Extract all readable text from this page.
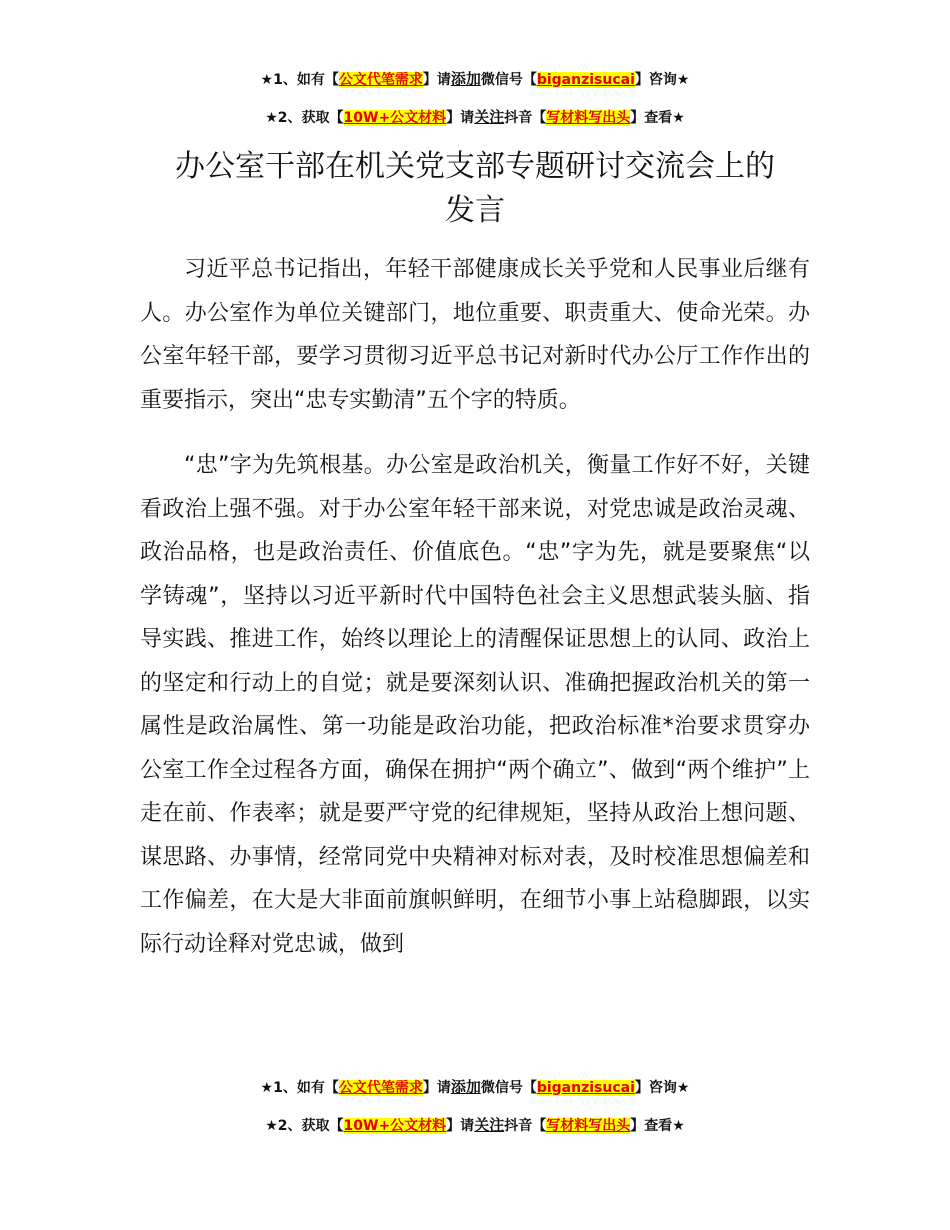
★1、如有【公文代笔需求】请添加微信号【biganzisucai】咨询★
★2、获取【10W+公文材料】请关注抖音【写材料写出头】查看★
办公室干部在机关党支部专题研讨交流会上的
发言

习近平总书记指出，年轻干部健康成长关乎党和人民事业后继有人。办公室作为单位关键部门，地位重要、职责重大、使命光荣。办公室年轻干部，要学习贯彻习近平总书记对新时代办公厅工作作出的重要指示，突出“忠专实勤清”五个字的特质。

“忠”字为先筑根基。办公室是政治机关，衡量工作好不好，关键看政治上强不强。对于办公室年轻干部来说，对党忠诚是政治灵魂、政治品格，也是政治责任、价值底色。“忠”字为先，就是要聚焦“以学铸魂”，坚持以习近平新时代中国特色社会主义思想武装头脑、指导实践、推进工作，始终以理论上的清醒保证思想上的认同、政治上的坚定和行动上的自觉；就是要深刻认识、准确把握政治机关的第一属性是政治属性、第一功能是政治功能，把政治标准*治要求贯穿办公室工作全过程各方面，确保在拥护“两个确立”、做到“两个维护”上走在前、作表率；就是要严守党的纪律规矩，坚持从政治上想问题、谋思路、办事情，经常同党中央精神对标对表，及时校准思想偏差和工作偏差，在大是大非面前旗帜鲜明，在细节小事上站稳脚跟，以实际行动诠释对党忠诚，做到

★1、如有【公文代笔需求】请添加微信号【biganzisucai】咨询★
★2、获取【10W+公文材料】请关注抖音【写材料写出头】查看★
